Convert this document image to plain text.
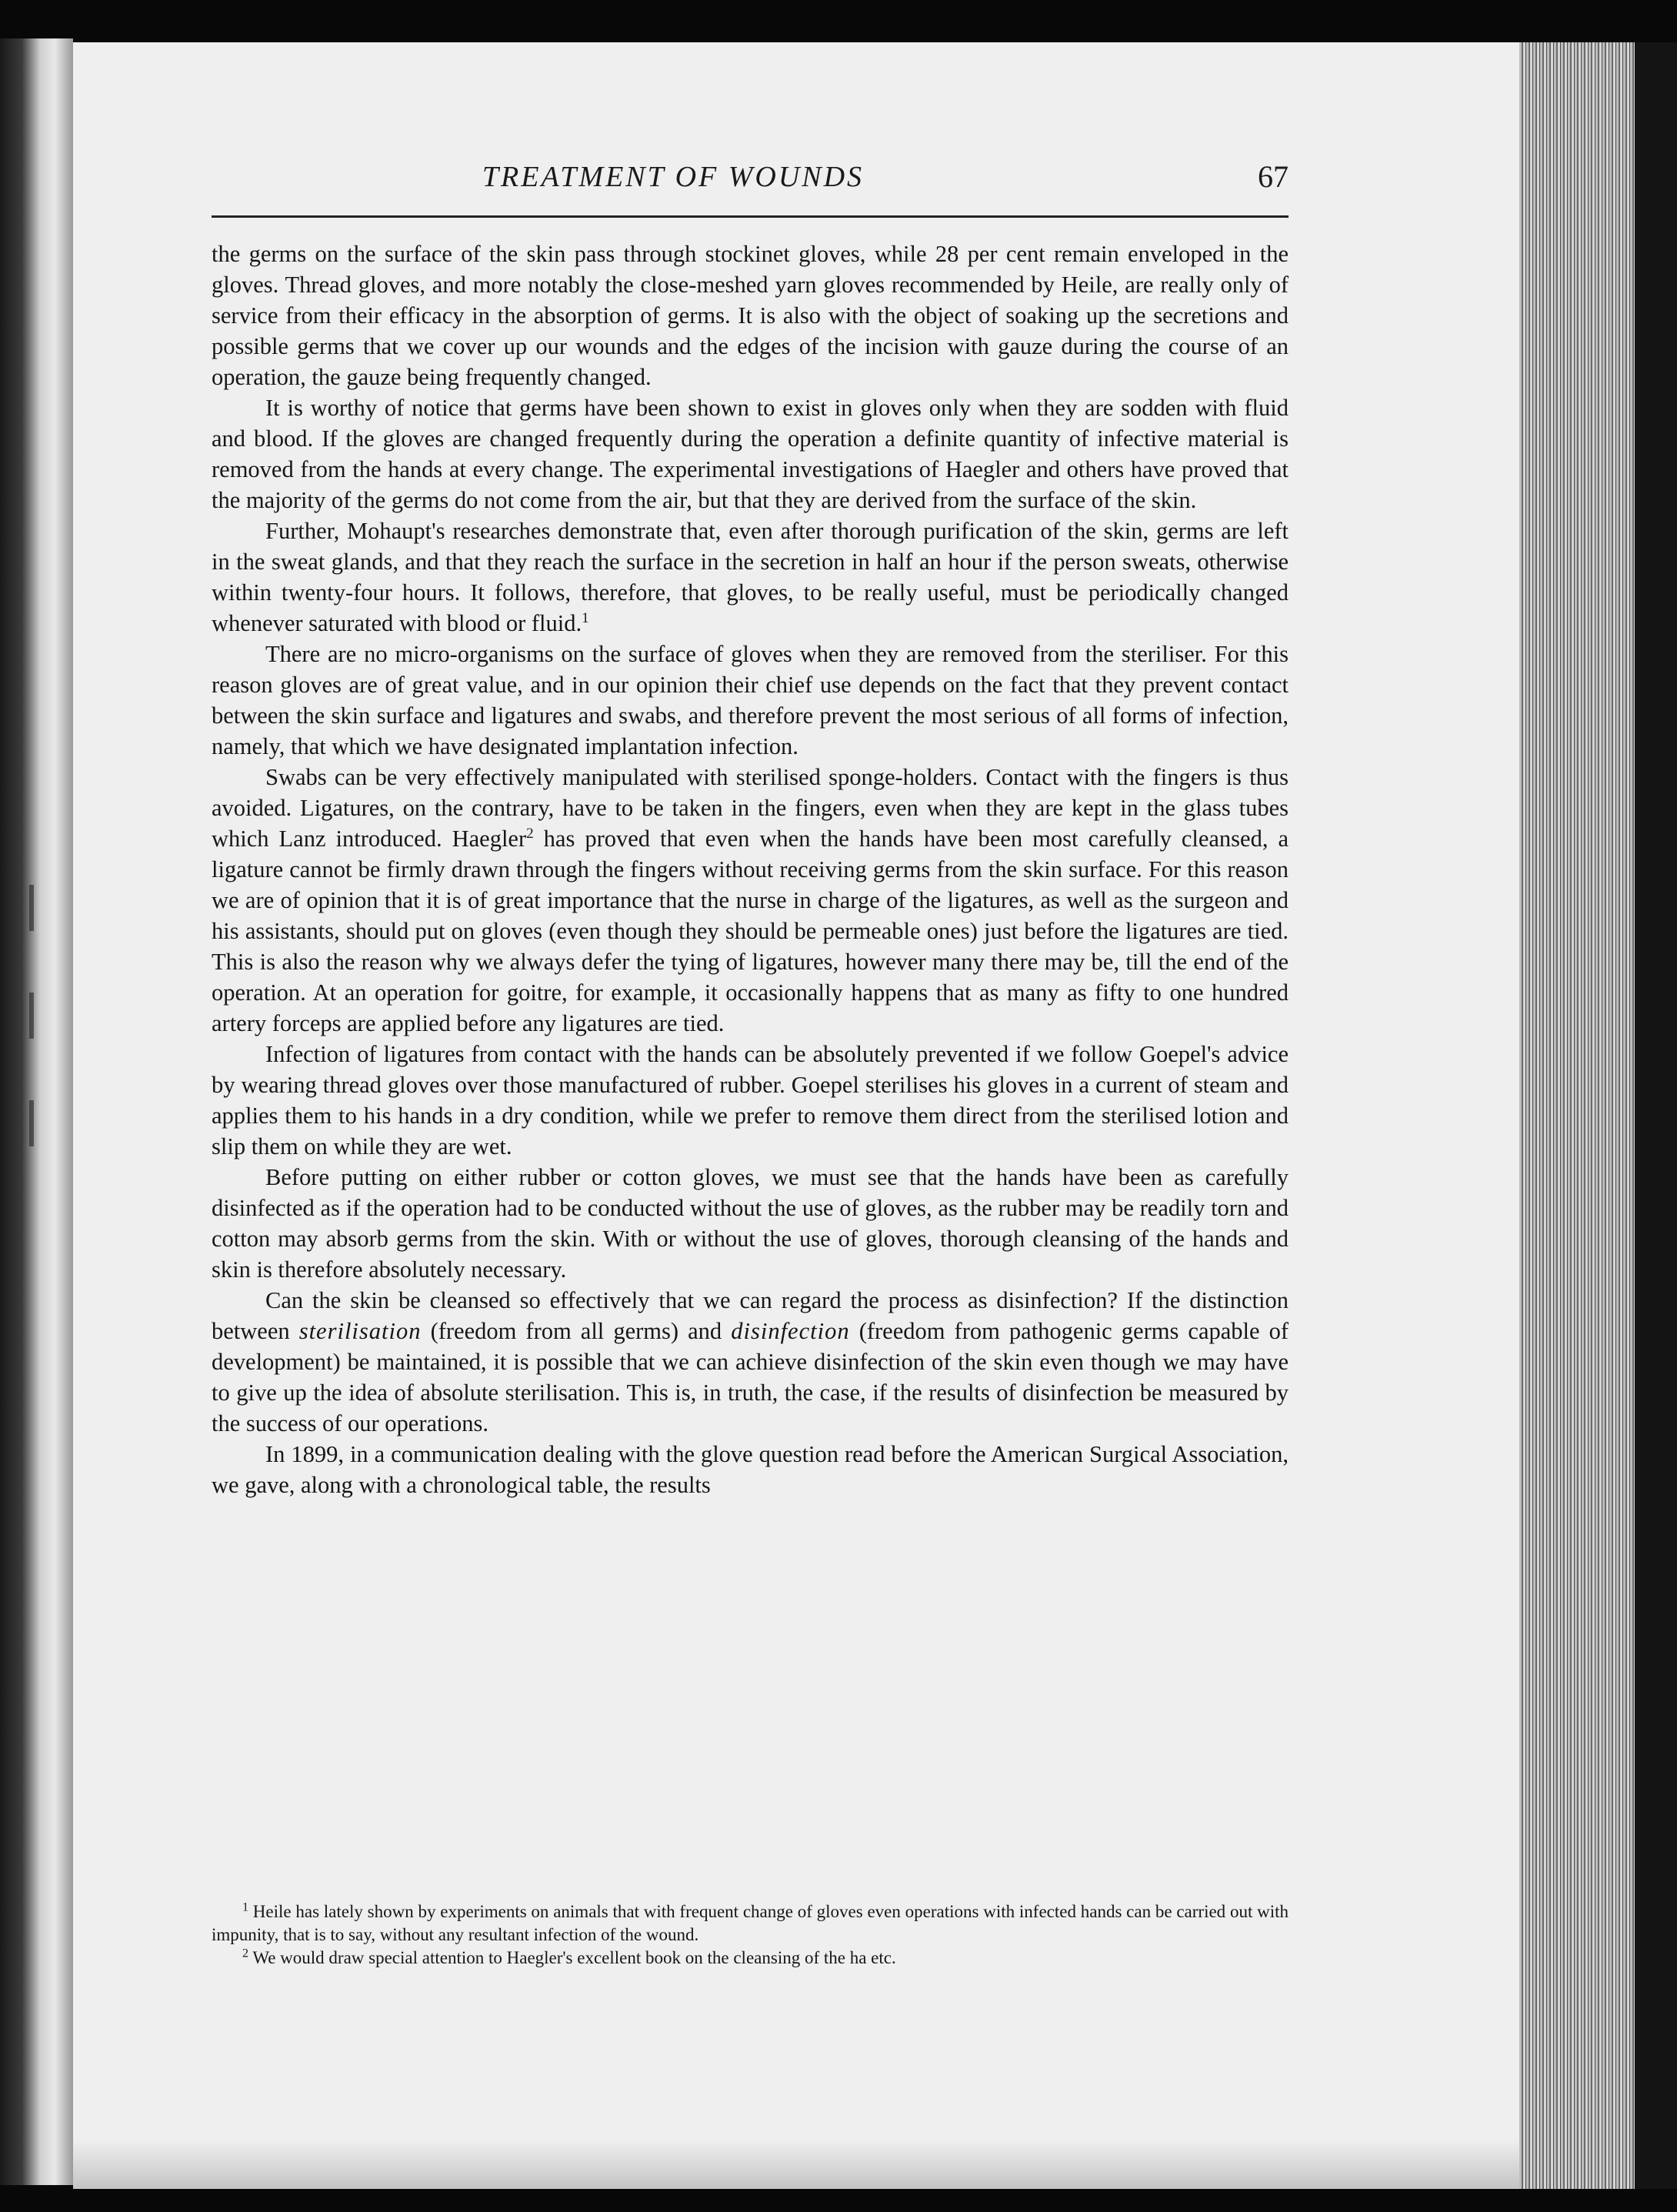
TREATMENT OF WOUNDS	67

the germs on the surface of the skin pass through stockinet gloves, while 28 per cent remain enveloped in the gloves. Thread gloves, and more notably the close-meshed yarn gloves recommended by Heile, are really only of service from their efficacy in the absorption of germs. It is also with the object of soaking up the secretions and possible germs that we cover up our wounds and the edges of the incision with gauze during the course of an operation, the gauze being frequently changed.

It is worthy of notice that germs have been shown to exist in gloves only when they are sodden with fluid and blood. If the gloves are changed frequently during the operation a definite quantity of infective material is removed from the hands at every change. The experimental investigations of Haegler and others have proved that the majority of the germs do not come from the air, but that they are derived from the surface of the skin.

Further, Mohaupt's researches demonstrate that, even after thorough purification of the skin, germs are left in the sweat glands, and that they reach the surface in the secretion in half an hour if the person sweats, otherwise within twenty-four hours. It follows, therefore, that gloves, to be really useful, must be periodically changed whenever saturated with blood or fluid.$^1$

There are no micro-organisms on the surface of gloves when they are removed from the steriliser. For this reason gloves are of great value, and in our opinion their chief use depends on the fact that they prevent contact between the skin surface and ligatures and swabs, and therefore prevent the most serious of all forms of infection, namely, that which we have designated implantation infection.

Swabs can be very effectively manipulated with sterilised sponge-holders. Contact with the fingers is thus avoided. Ligatures, on the contrary, have to be taken in the fingers, even when they are kept in the glass tubes which Lanz introduced. Haegler$^2$ has proved that even when the hands have been most carefully cleansed, a ligature cannot be firmly drawn through the fingers without receiving germs from the skin surface. For this reason we are of opinion that it is of great importance that the nurse in charge of the ligatures, as well as the surgeon and his assistants, should put on gloves (even though they should be permeable ones) just before the ligatures are tied. This is also the reason why we always defer the tying of ligatures, however many there may be, till the end of the operation. At an operation for goitre, for example, it occasionally happens that as many as fifty to one hundred artery forceps are applied before any ligatures are tied.

Infection of ligatures from contact with the hands can be absolutely prevented if we follow Goepel's advice by wearing thread gloves over those manufactured of rubber. Goepel sterilises his gloves in a current of steam and applies them to his hands in a dry condition, while we prefer to remove them direct from the sterilised lotion and slip them on while they are wet.

Before putting on either rubber or cotton gloves, we must see that the hands have been as carefully disinfected as if the operation had to be conducted without the use of gloves, as the rubber may be readily torn and cotton may absorb germs from the skin. With or without the use of gloves, thorough cleansing of the hands and skin is therefore absolutely necessary.

Can the skin be cleansed so effectively that we can regard the process as disinfection? If the distinction between sterilisation (freedom from all germs) and disinfection (freedom from pathogenic germs capable of development) be maintained, it is possible that we can achieve disinfection of the skin even though we may have to give up the idea of absolute sterilisation. This is, in truth, the case, if the results of disinfection be measured by the success of our operations.

In 1899, in a communication dealing with the glove question read before the American Surgical Association, we gave, along with a chronological table, the results

$^1$ Heile has lately shown by experiments on animals that with frequent change of gloves even operations with infected hands can be carried out with impunity, that is to say, without any resultant infection of the wound.

$^2$ We would draw special attention to Haegler's excellent book on the cleansing of the ha etc.
